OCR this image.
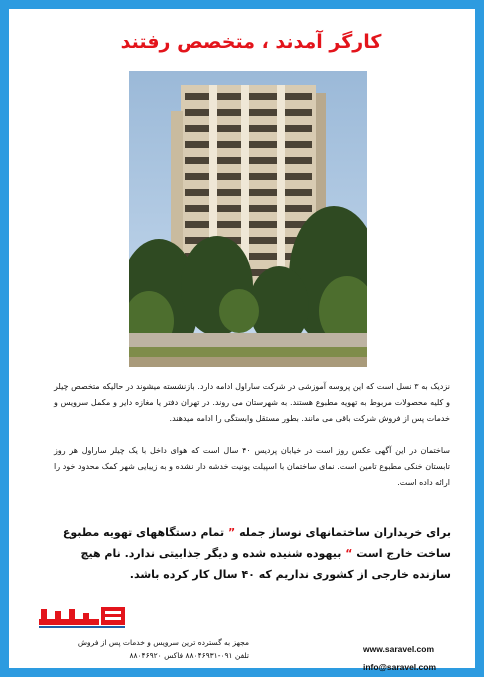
کارگر آمدند ، متخصص رفتند
نزدیک به ۳ نسل است که این پروسه آموزشی در شرکت ساراول ادامه دارد. بازنشسته میشوند در حالیکه متخصص چیلر و کلیه محصولات مربوط به تهویه مطبوع هستند. به شهرستان می روند. در تهران دفتر یا مغازه دایر و مکمل سرویس و خدمات پس از فروش شرکت باقی می مانند. بطور مستقل وابستگی را ادامه میدهند.
ساختمان در این آگهی عکس روز است در خیابان پردیس ۴۰ سال است که هوای داخل با یک چیلر ساراول هر روز تابستان خنکی مطبوع تامین است. نمای ساختمان با اسپیلت یونیت خدشه دار نشده و به زیبایی شهر کمک محدود خود را ارائه داده است.
برای خریداران ساختمانهای نوساز جمله ” تمام دستگاههای تهویه مطبوع ساخت خارج است “ بیهوده شنیده شده و دیگر جذابیتی ندارد. نام هیچ سازنده خارجی از کشوری نداریم که ۴۰ سال کار کرده باشد.
مجهز به گسترده ترین سرویس و خدمات پس از فروش
تلفن ۰۹۱-۸۸۰۴۶۹۳۱ فاکس ۸۸۰۴۶۹۲۰
www.saravel.com
info@saravel.com
